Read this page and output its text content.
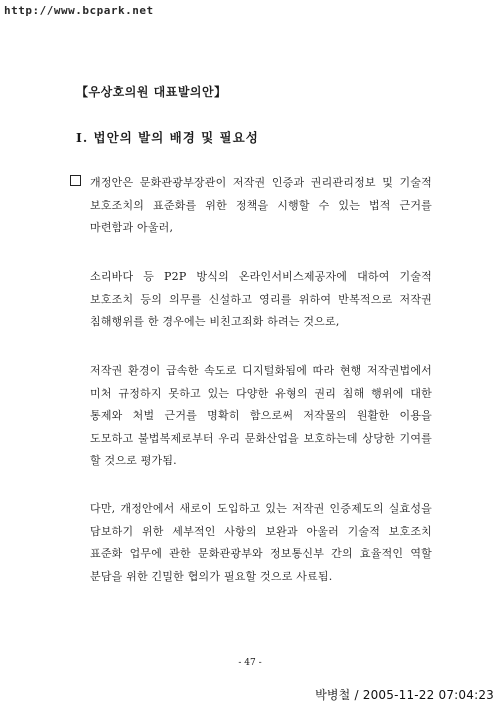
http://www.bcpark.net
【우상호의원 대표발의안】
I. 법안의 발의 배경 및 필요성
개정안은 문화관광부장관이 저작권 인증과 권리관리정보 및 기술적 보호조치의 표준화를 위한 정책을 시행할 수 있는 법적 근거를 마련함과 아울러,
소리바다 등 P2P 방식의 온라인서비스제공자에 대하여 기술적 보호조치 등의 의무를 신설하고 영리를 위하여 반복적으로 저작권 침해행위를 한 경우에는 비친고죄화 하려는 것으로,
저작권 환경이 급속한 속도로 디지털화됨에 따라 현행 저작권법에서 미처 규정하지 못하고 있는 다양한 유형의 권리 침해 행위에 대한 통제와 처벌 근거를 명확히 함으로써 저작물의 원활한 이용을 도모하고 불법복제로부터 우리 문화산업을 보호하는데 상당한 기여를 할 것으로 평가됨.
다만, 개정안에서 새로이 도입하고 있는 저작권 인증제도의 실효성을 담보하기 위한 세부적인 사항의 보완과 아울러 기술적 보호조치 표준화 업무에 관한 문화관광부와 정보통신부 간의 효율적인 역할 분담을 위한 긴밀한 협의가 필요할 것으로 사료됨.
- 47 -
박병철 / 2005-11-22 07:04:23
